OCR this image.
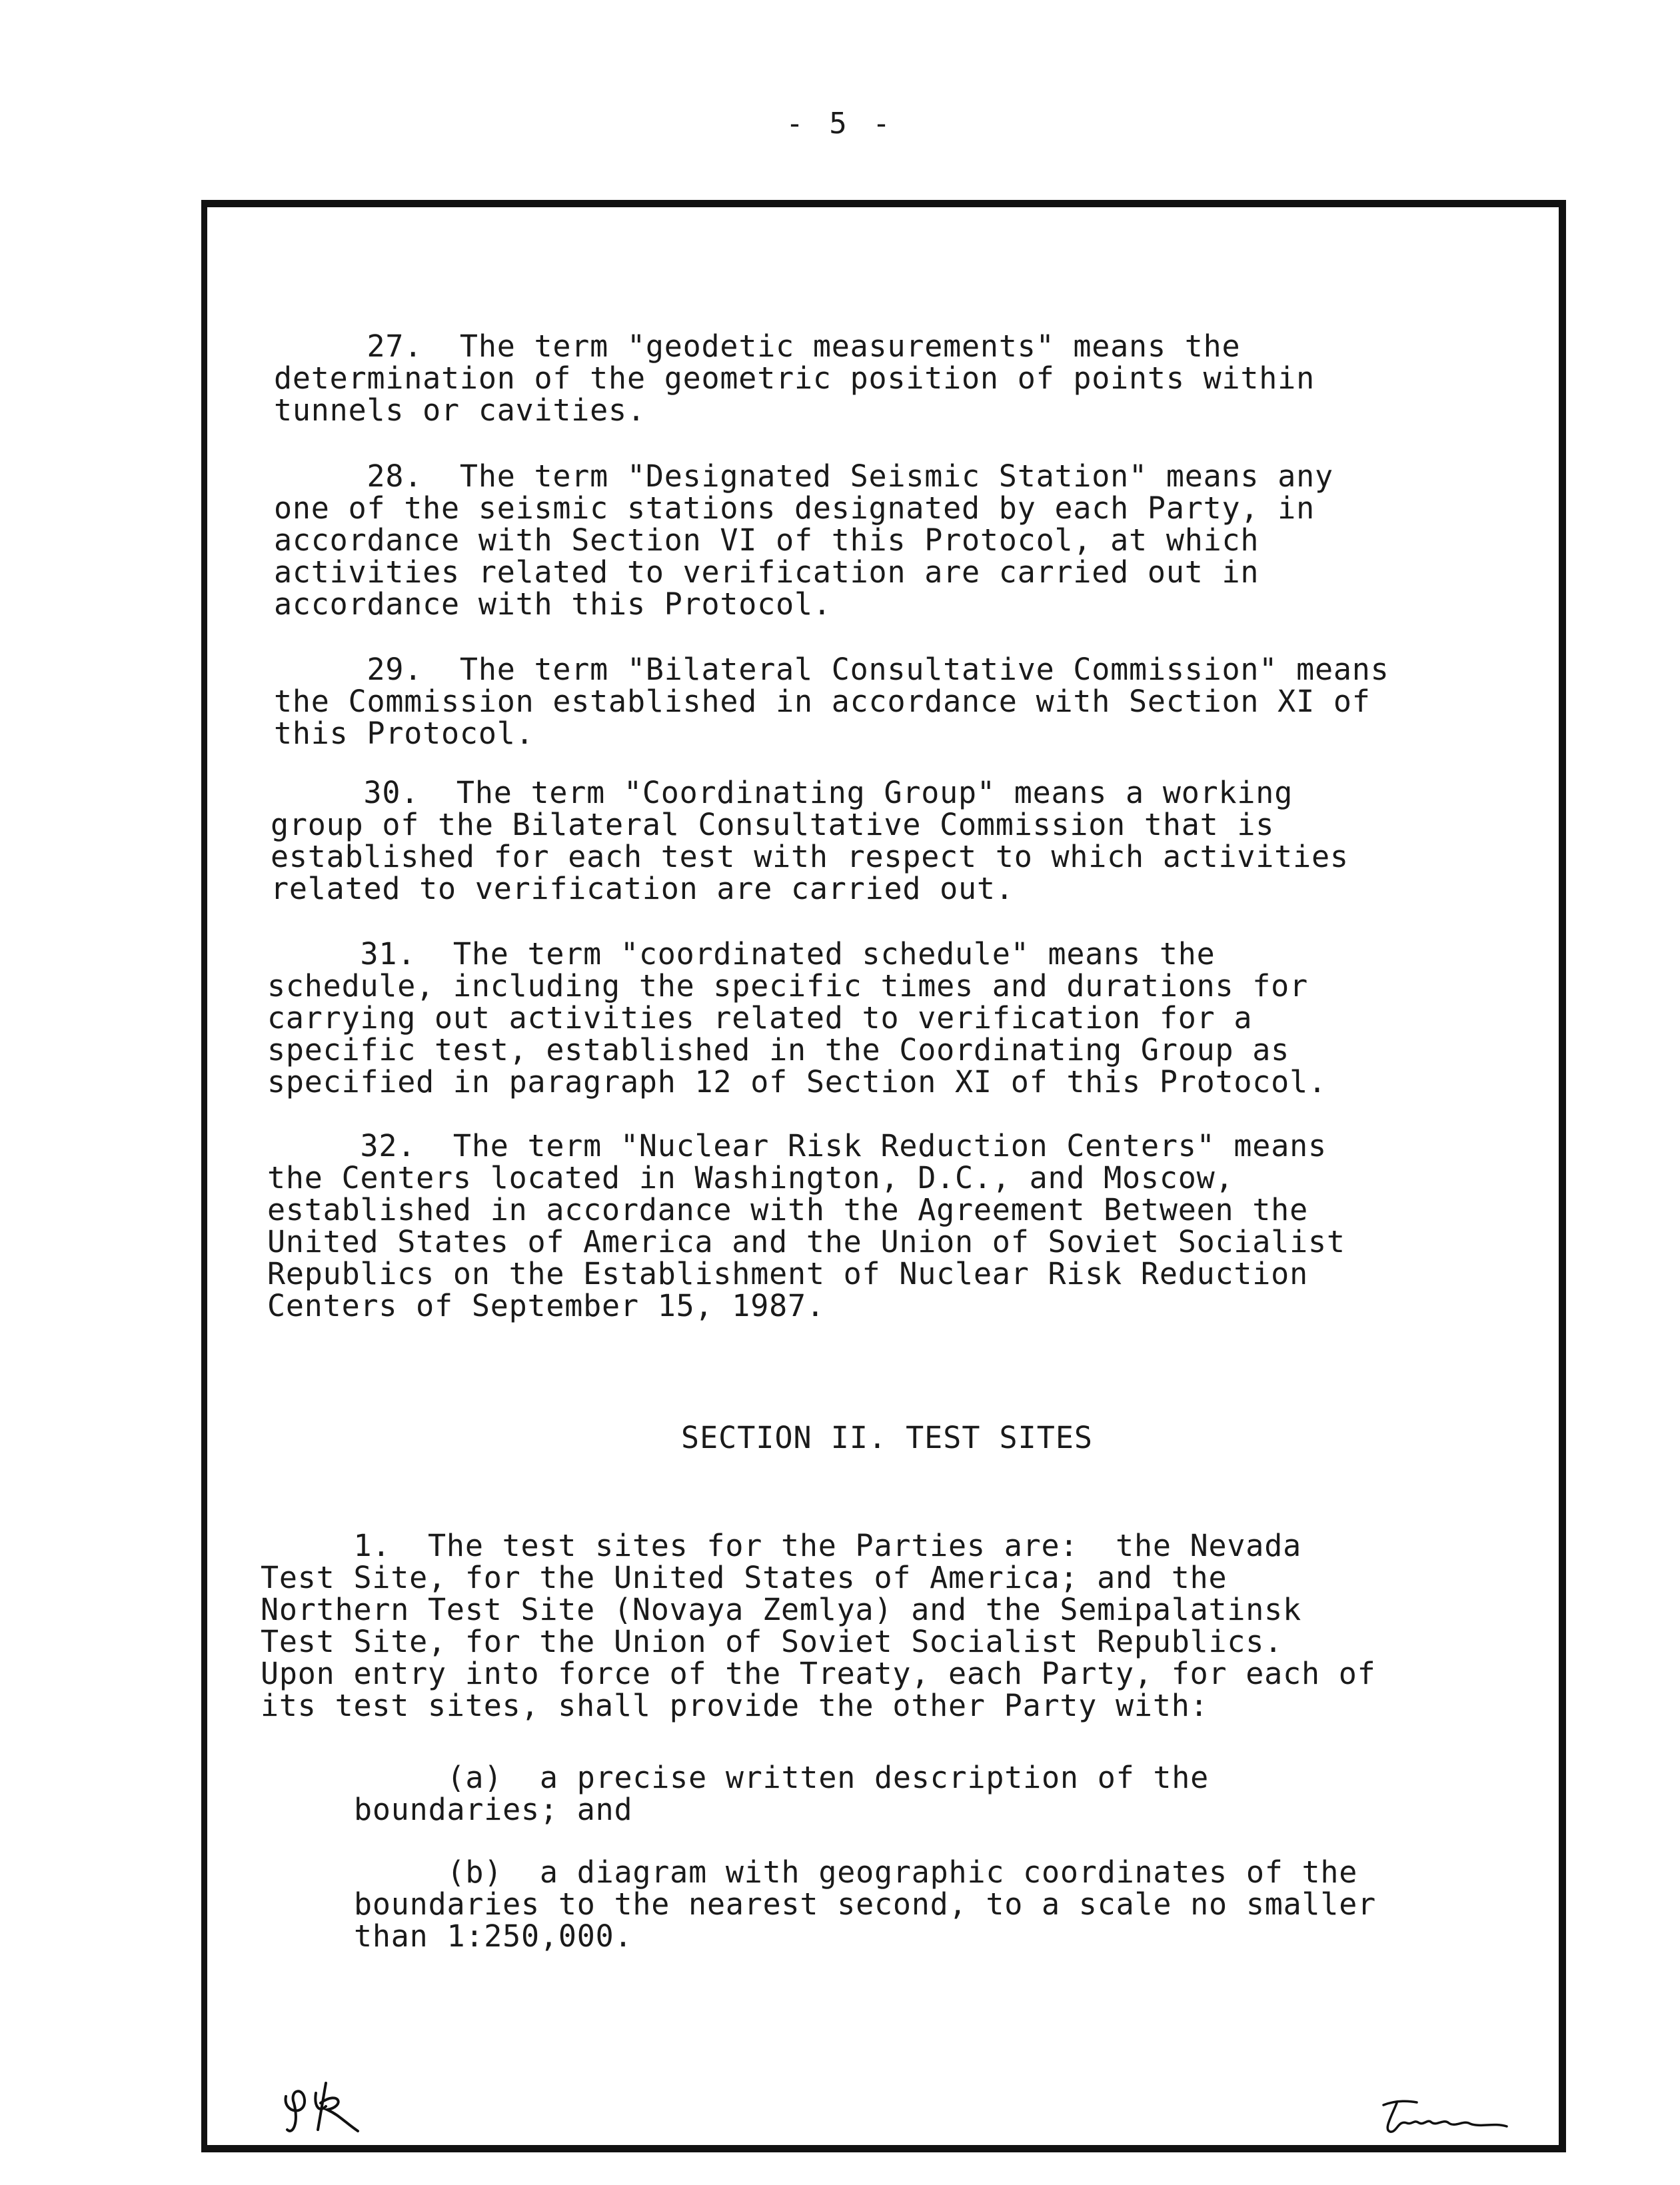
- 5 -

27.  The term "geodetic measurements" means the
determination of the geometric position of points within
tunnels or cavities.

28.  The term "Designated Seismic Station" means any
one of the seismic stations designated by each Party, in
accordance with Section VI of this Protocol, at which
activities related to verification are carried out in
accordance with this Protocol.

29.  The term "Bilateral Consultative Commission" means
the Commission established in accordance with Section XI of
this Protocol.

30.  The term "Coordinating Group" means a working
group of the Bilateral Consultative Commission that is
established for each test with respect to which activities
related to verification are carried out.

31.  The term "coordinated schedule" means the
schedule, including the specific times and durations for
carrying out activities related to verification for a
specific test, established in the Coordinating Group as
specified in paragraph 12 of Section XI of this Protocol.

32.  The term "Nuclear Risk Reduction Centers" means
the Centers located in Washington, D.C., and Moscow,
established in accordance with the Agreement Between the
United States of America and the Union of Soviet Socialist
Republics on the Establishment of Nuclear Risk Reduction
Centers of September 15, 1987.

SECTION II. TEST SITES

1.  The test sites for the Parties are:  the Nevada
Test Site, for the United States of America; and the
Northern Test Site (Novaya Zemlya) and the Semipalatinsk
Test Site, for the Union of Soviet Socialist Republics.
Upon entry into force of the Treaty, each Party, for each of
its test sites, shall provide the other Party with:

(a)  a precise written description of the
boundaries; and

(b)  a diagram with geographic coordinates of the
boundaries to the nearest second, to a scale no smaller
than 1:250,000.
